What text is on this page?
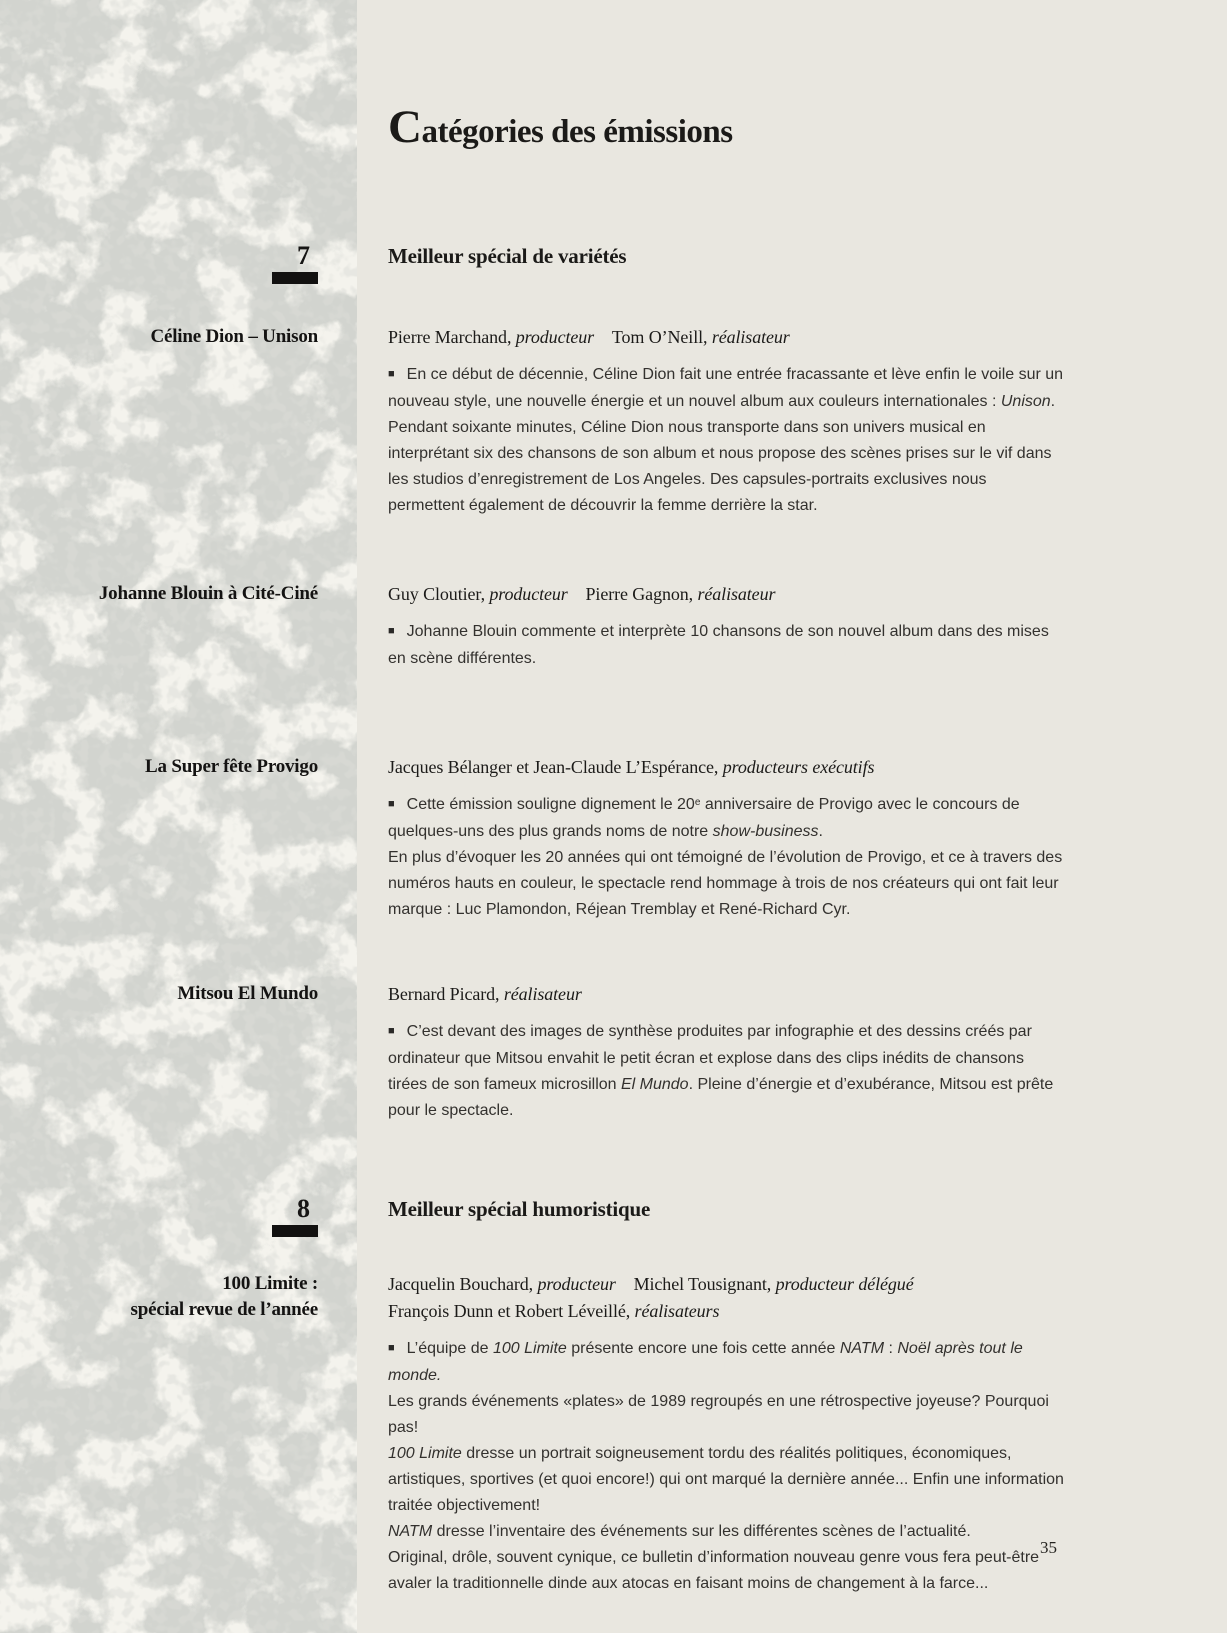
Catégories des émissions
7	Meilleur spécial de variétés
Céline Dion – Unison	Pierre Marchand, producteur  Tom O’Neill, réalisateur

■ En ce début de décennie, Céline Dion fait une entrée fracassante et lève enfin le voile sur un nouveau style, une nouvelle énergie et un nouvel album aux couleurs internationales : Unison. Pendant soixante minutes, Céline Dion nous transporte dans son univers musical en interprétant six des chansons de son album et nous propose des scènes prises sur le vif dans les studios d’enregistrement de Los Angeles. Des capsules-portraits exclusives nous permettent également de découvrir la femme derrière la star.

Johanne Blouin à Cité-Ciné	Guy Cloutier, producteur  Pierre Gagnon, réalisateur

■ Johanne Blouin commente et interprète 10 chansons de son nouvel album dans des mises en scène différentes.

La Super fête Provigo	Jacques Bélanger et Jean-Claude L’Espérance, producteurs exécutifs

■ Cette émission souligne dignement le 20e anniversaire de Provigo avec le concours de quelques-uns des plus grands noms de notre show-business.
En plus d’évoquer les 20 années qui ont témoigné de l’évolution de Provigo, et ce à travers des numéros hauts en couleur, le spectacle rend hommage à trois de nos créateurs qui ont fait leur marque : Luc Plamondon, Réjean Tremblay et René-Richard Cyr.

Mitsou El Mundo	Bernard Picard, réalisateur

■ C’est devant des images de synthèse produites par infographie et des dessins créés par ordinateur que Mitsou envahit le petit écran et explose dans des clips inédits de chansons tirées de son fameux microsillon El Mundo. Pleine d’énergie et d’exubérance, Mitsou est prête pour le spectacle.

8	Meilleur spécial humoristique
100 Limite :
spécial revue de l’année
Jacquelin Bouchard, producteur  Michel Tousignant, producteur délégué
François Dunn et Robert Léveillé, réalisateurs

■ L’équipe de 100 Limite présente encore une fois cette année NATM : Noël après tout le monde.
Les grands événements «plates» de 1989 regroupés en une rétrospective joyeuse? Pourquoi pas!
100 Limite dresse un portrait soigneusement tordu des réalités politiques, économiques, artistiques, sportives (et quoi encore!) qui ont marqué la dernière année... Enfin une information traitée objectivement!
NATM dresse l’inventaire des événements sur les différentes scènes de l’actualité.
Original, drôle, souvent cynique, ce bulletin d’information nouveau genre vous fera peut-être avaler la traditionnelle dinde aux atocas en faisant moins de changement à la farce...

35
